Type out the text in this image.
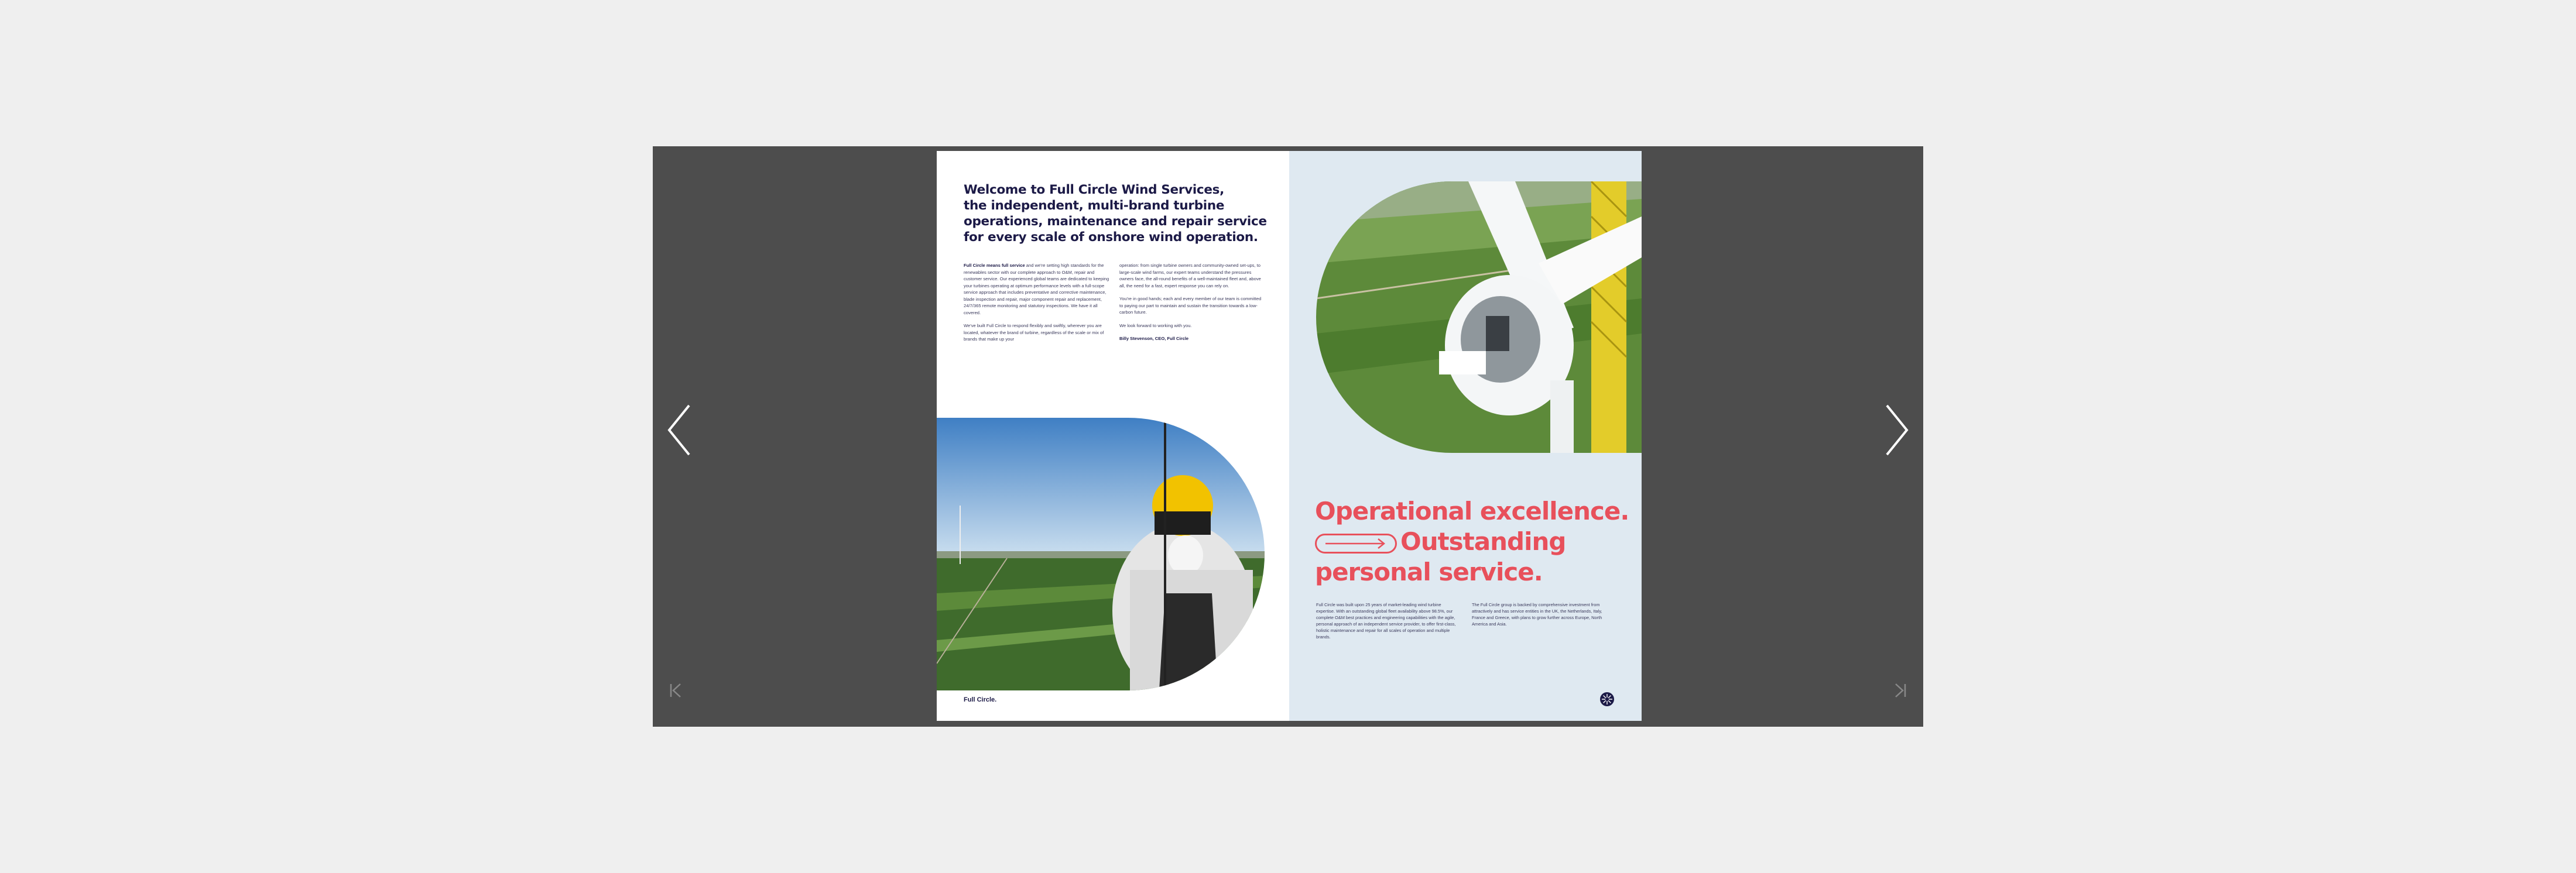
Welcome to Full Circle Wind Services,
the independent, multi-brand turbine
operations, maintenance and repair service
for every scale of onshore wind operation.

Full Circle means full service and we're setting high standards for the renewables sector with our complete approach to O&M, repair and customer service. Our experienced global teams are dedicated to keeping your turbines operating at optimum performance levels with a full-scope service approach that includes preventative and corrective maintenance, blade inspection and repair, major component repair and replacement, 24/7/365 remote monitoring and statutory inspections. We have it all covered.

We've built Full Circle to respond flexibly and swiftly, wherever you are located, whatever the brand of turbine, regardless of the scale or mix of brands that make up your

operation: from single turbine owners and community-owned set-ups, to large-scale wind farms, our expert teams understand the pressures owners face, the all-round benefits of a well-maintained fleet and, above all, the need for a fast, expert response you can rely on.

You're in good hands; each and every member of our team is committed to paying our part to maintain and sustain the transition towards a low-carbon future.

We look forward to working with you.

Billy Stevenson, CEO, Full Circle

Full Circle.
Operational excellence.
Outstanding
personal service.
Full Circle was built upon 25 years of market-leading wind turbine expertise. With an outstanding global fleet availability above 98.5%, our complete O&M best practices and engineering capabilities with the agile, personal approach of an independent service provider, to offer first-class, holistic maintenance and repair for all scales of operation and multiple brands.
The Full Circle group is backed by comprehensive investment from attractively and has service entities in the UK, the Netherlands, Italy, France and Greece, with plans to grow further across Europe, North America and Asia.
